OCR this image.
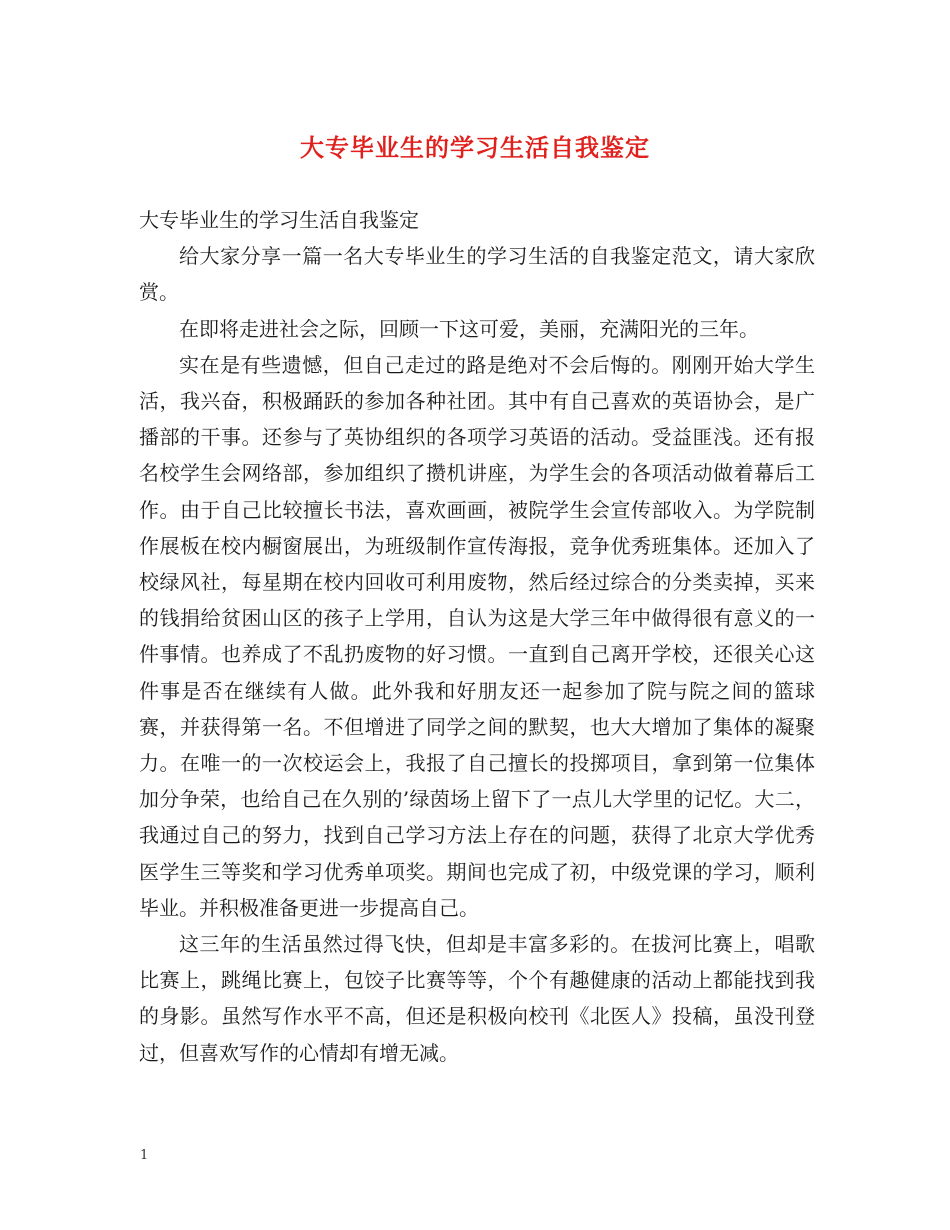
大专毕业生的学习生活自我鉴定

大专毕业生的学习生活自我鉴定

给大家分享一篇一名大专毕业生的学习生活的自我鉴定范文，请大家欣赏。

在即将走进社会之际，回顾一下这可爱，美丽，充满阳光的三年。

实在是有些遗憾，但自己走过的路是绝对不会后悔的。刚刚开始大学生活，我兴奋，积极踊跃的参加各种社团。其中有自己喜欢的英语协会，是广播部的干事。还参与了英协组织的各项学习英语的活动。受益匪浅。还有报名校学生会网络部，参加组织了攒机讲座，为学生会的各项活动做着幕后工作。由于自己比较擅长书法，喜欢画画，被院学生会宣传部收入。为学院制作展板在校内橱窗展出，为班级制作宣传海报，竞争优秀班集体。还加入了校绿风社，每星期在校内回收可利用废物，然后经过综合的分类卖掉，买来的钱捐给贫困山区的孩子上学用，自认为这是大学三年中做得很有意义的一件事情。也养成了不乱扔废物的好习惯。一直到自己离开学校，还很关心这件事是否在继续有人做。此外我和好朋友还一起参加了院与院之间的篮球赛，并获得第一名。不但增进了同学之间的默契，也大大增加了集体的凝聚力。在唯一的一次校运会上，我报了自己擅长的投掷项目，拿到第一位集体加分争荣，也给自己在久别的’绿茵场上留下了一点儿大学里的记忆。大二，我通过自己的努力，找到自己学习方法上存在的问题，获得了北京大学优秀医学生三等奖和学习优秀单项奖。期间也完成了初，中级党课的学习，顺利毕业。并积极准备更进一步提高自己。

这三年的生活虽然过得飞快，但却是丰富多彩的。在拔河比赛上，唱歌比赛上，跳绳比赛上，包饺子比赛等等，个个有趣健康的活动上都能找到我的身影。虽然写作水平不高，但还是积极向校刊《北医人》投稿，虽没刊登过，但喜欢写作的心情却有增无减。

1
